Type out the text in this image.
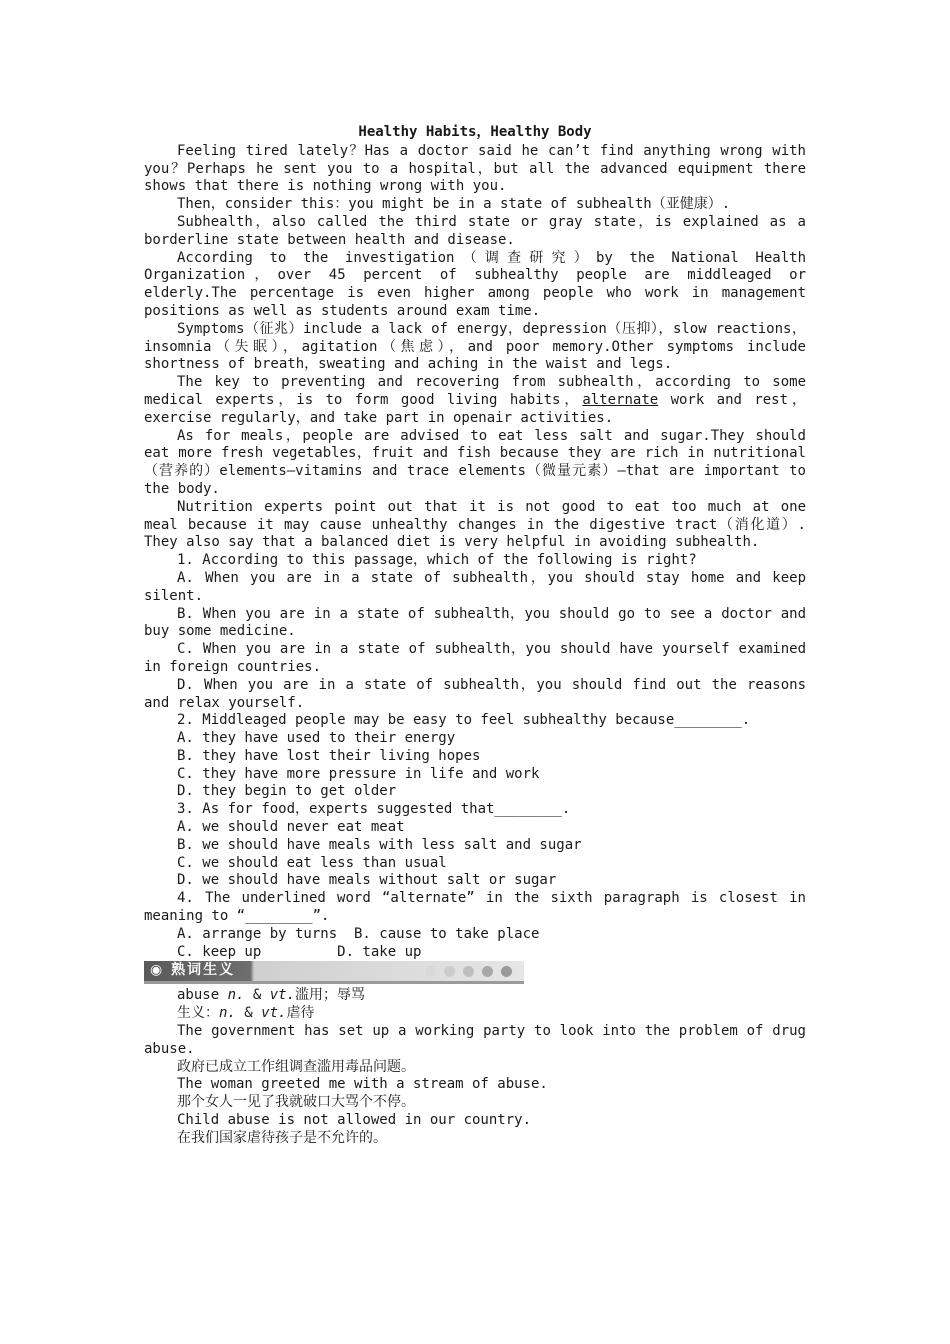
Healthy Habits，Healthy Body
Feeling tired lately？Has a doctor said he can’t find anything wrong with you？Perhaps he sent you to a hospital，but all the advanced equipment there shows that there is nothing wrong with you.
Then，consider this：you might be in a state of subhealth（亚健康）.
Subhealth，also called the third state or gray state，is explained as a borderline state between health and disease.
According to the investigation（调查研究）by the National Health Organization，over 45 percent of subhealthy people are middleaged or elderly.The percentage is even higher among people who work in management positions as well as students around exam time.
Symptoms（征兆）include a lack of energy，depression（压抑），slow reactions，insomnia（失眠），agitation（焦虑），and poor memory.Other symptoms include shortness of breath，sweating and aching in the waist and legs.
The key to preventing and recovering from subhealth，according to some medical experts，is to form good living habits，alternate work and rest，exercise regularly，and take part in openair activities.
As for meals，people are advised to eat less salt and sugar.They should eat more fresh vegetables，fruit and fish because they are rich in nutritional（营养的）elements—vitamins and trace elements（微量元素）—that are important to the body.
Nutrition experts point out that it is not good to eat too much at one meal because it may cause unhealthy changes in the digestive tract（消化道）. They also say that a balanced diet is very helpful in avoiding subhealth.
1. According to this passage，which of the following is right?
A. When you are in a state of subhealth，you should stay home and keep silent.
B. When you are in a state of subhealth，you should go to see a doctor and buy some medicine.
C. When you are in a state of subhealth，you should have yourself examined in foreign countries.
D. When you are in a state of subhealth，you should find out the reasons and relax yourself.
2. Middleaged people may be easy to feel subhealthy because________.
A. they have used to their energy
B. they have lost their living hopes
C. they have more pressure in life and work
D. they begin to get older
3. As for food，experts suggested that________.
A. we should never eat meat
B. we should have meals with less salt and sugar
C. we should eat less than usual
D. we should have meals without salt or sugar
4. The underlined word “alternate” in the sixth paragraph is closest in meaning to “________”.
A. arrange by turns  B. cause to take place
C. keep up         D. take up
◉ 熟词生义
abuse n. & vt.滥用；辱骂
生义：n. & vt.虐待
The government has set up a working party to look into the problem of drug abuse.
政府已成立工作组调查滥用毒品问题。
The woman greeted me with a stream of abuse.
那个女人一见了我就破口大骂个不停。
Child abuse is not allowed in our country.
在我们国家虐待孩子是不允许的。
